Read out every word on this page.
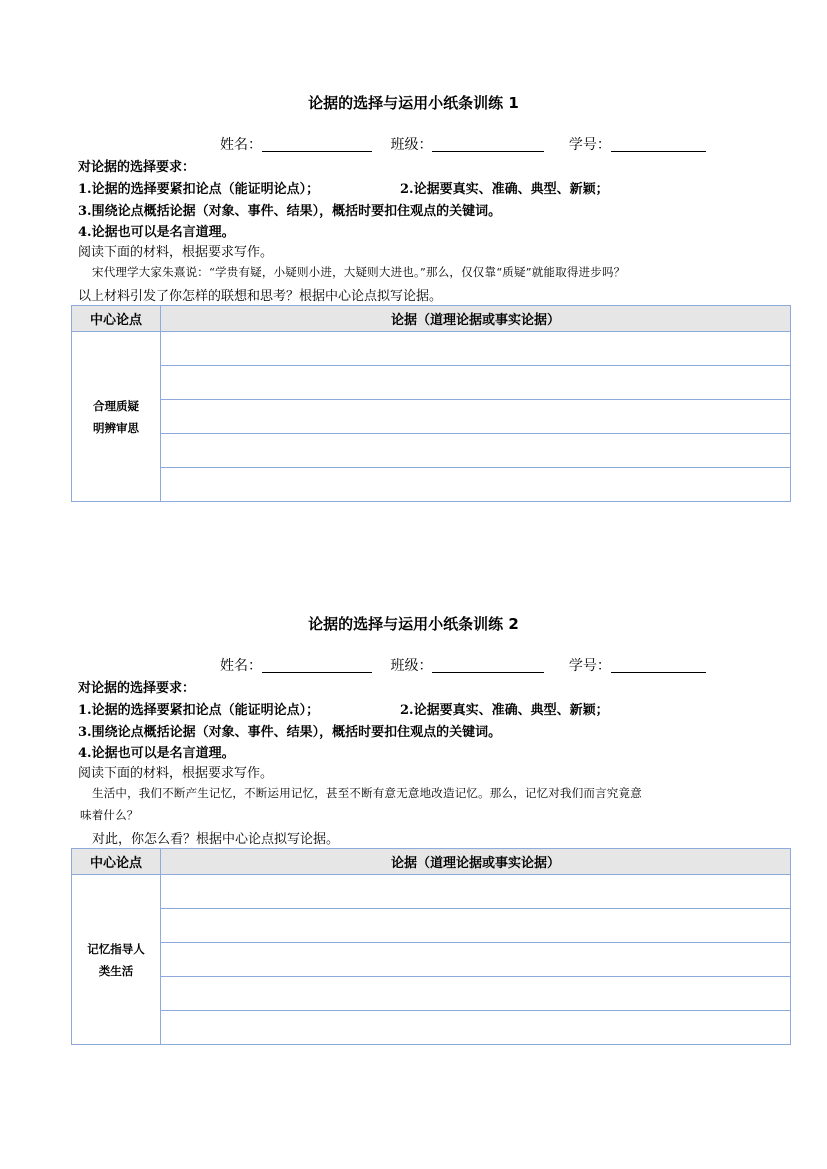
论据的选择与运用小纸条训练 1
姓名：	班级：	学号：
对论据的选择要求：
1.论据的选择要紧扣论点（能证明论点）；	2.论据要真实、准确、典型、新颖；
3.围绕论点概括论据（对象、事件、结果），概括时要扣住观点的关键词。
4.论据也可以是名言道理。
阅读下面的材料，根据要求写作。
宋代理学大家朱熹说：“学贵有疑，小疑则小进，大疑则大进也。”那么，仅仅靠“质疑”就能取得进步吗？
以上材料引发了你怎样的联想和思考？根据中心论点拟写论据。
中心论点	论据（道理论据或事实论据）

合理质疑
明辨审思	

论据的选择与运用小纸条训练 2
姓名：	班级：	学号：
对论据的选择要求：
1.论据的选择要紧扣论点（能证明论点）；	2.论据要真实、准确、典型、新颖；
3.围绕论点概括论据（对象、事件、结果），概括时要扣住观点的关键词。
4.论据也可以是名言道理。
阅读下面的材料，根据要求写作。
生活中，我们不断产生记忆，不断运用记忆，甚至不断有意无意地改造记忆。那么，记忆对我们而言究竟意
味着什么？
对此，你怎么看？根据中心论点拟写论据。
中心论点	论据（道理论据或事实论据）

记忆指导人
类生活	
